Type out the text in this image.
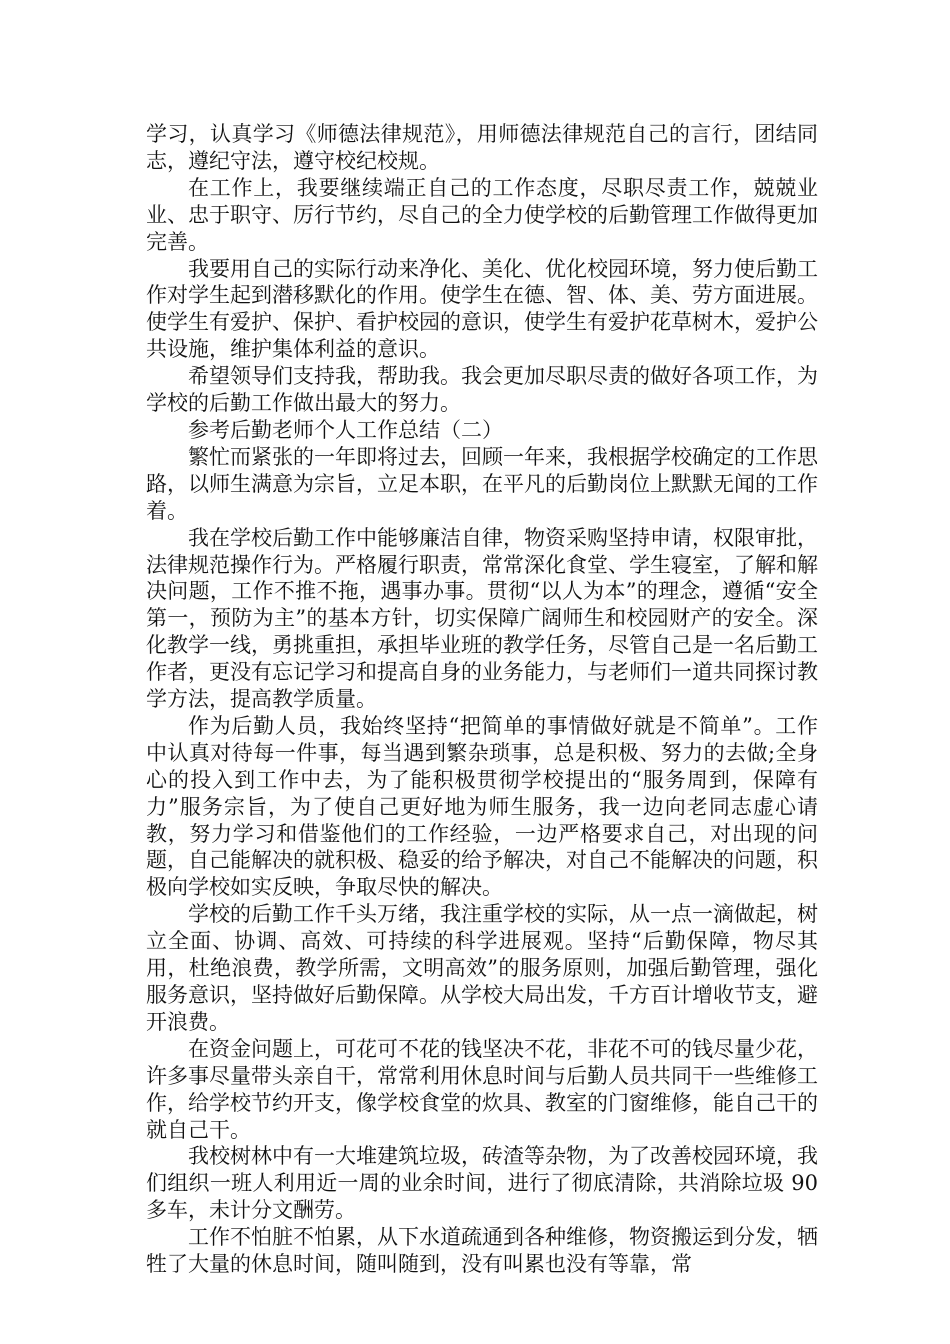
学习，认真学习《师德法律规范》，用师德法律规范自己的言行，团结同志，遵纪守法，遵守校纪校规。

在工作上，我要继续端正自己的工作态度，尽职尽责工作，兢兢业业、忠于职守、厉行节约，尽自己的全力使学校的后勤管理工作做得更加完善。

我要用自己的实际行动来净化、美化、优化校园环境，努力使后勤工作对学生起到潜移默化的作用。使学生在德、智、体、美、劳方面进展。使学生有爱护、保护、看护校园的意识，使学生有爱护花草树木，爱护公共设施，维护集体利益的意识。

希望领导们支持我，帮助我。我会更加尽职尽责的做好各项工作，为学校的后勤工作做出最大的努力。

参考后勤老师个人工作总结（二）

繁忙而紧张的一年即将过去，回顾一年来，我根据学校确定的工作思路，以师生满意为宗旨，立足本职，在平凡的后勤岗位上默默无闻的工作着。

我在学校后勤工作中能够廉洁自律，物资采购坚持申请，权限审批，法律规范操作行为。严格履行职责，常常深化食堂、学生寝室，了解和解决问题，工作不推不拖，遇事办事。贯彻“以人为本”的理念，遵循“安全第一，预防为主”的基本方针，切实保障广阔师生和校园财产的安全。深化教学一线，勇挑重担，承担毕业班的教学任务，尽管自己是一名后勤工作者，更没有忘记学习和提高自身的业务能力，与老师们一道共同探讨教学方法，提高教学质量。

作为后勤人员，我始终坚持“把简单的事情做好就是不简单”。工作中认真对待每一件事，每当遇到繁杂琐事，总是积极、努力的去做;全身心的投入到工作中去，为了能积极贯彻学校提出的“服务周到，保障有力”服务宗旨，为了使自己更好地为师生服务，我一边向老同志虚心请教，努力学习和借鉴他们的工作经验，一边严格要求自己，对出现的问题，自己能解决的就积极、稳妥的给予解决，对自己不能解决的问题，积极向学校如实反映，争取尽快的解决。

学校的后勤工作千头万绪，我注重学校的实际，从一点一滴做起，树立全面、协调、高效、可持续的科学进展观。坚持“后勤保障，物尽其用，杜绝浪费，教学所需，文明高效”的服务原则，加强后勤管理，强化服务意识，坚持做好后勤保障。从学校大局出发，千方百计增收节支，避开浪费。

在资金问题上，可花可不花的钱坚决不花，非花不可的钱尽量少花，许多事尽量带头亲自干，常常利用休息时间与后勤人员共同干一些维修工作，给学校节约开支，像学校食堂的炊具、教室的门窗维修，能自己干的就自己干。

我校树林中有一大堆建筑垃圾，砖渣等杂物，为了改善校园环境，我们组织一班人利用近一周的业余时间，进行了彻底清除，共消除垃圾 90 多车，未计分文酬劳。

工作不怕脏不怕累，从下水道疏通到各种维修，物资搬运到分发，牺牲了大量的休息时间，随叫随到，没有叫累也没有等靠，常
